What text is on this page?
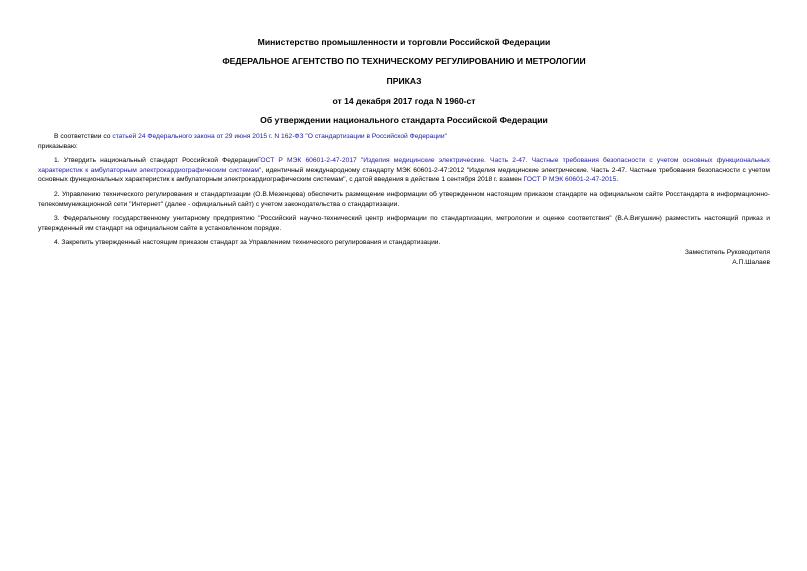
Министерство промышленности и торговли Российской Федерации
ФЕДЕРАЛЬНОЕ АГЕНТСТВО ПО ТЕХНИЧЕСКОМУ РЕГУЛИРОВАНИЮ И МЕТРОЛОГИИ
ПРИКАЗ
от 14 декабря 2017 года N 1960-ст
Об утверждении национального стандарта Российской Федерации

В соответствии со статьей 24 Федерального закона от 29 июня 2015 г. N 162-ФЗ "О стандартизации в Российской Федерации"

приказываю:

1. Утвердить национальный стандарт Российской ФедерацииГОСТ Р МЭК 60601-2-47-2017 "Изделия медицинские электрические. Часть 2-47. Частные требования безопасности с учетом основных функциональных характеристик к амбулаторным электрокардиографическим системам", идентичный международному стандарту МЭК 60601-2-47:2012 "Изделия медицинские электрические. Часть 2-47. Частные требования безопасности с учетом основных функциональных характеристик к амбулаторным электрокардиографическим системам", с датой введения в действие 1 сентября 2018 г. взамен ГОСТ Р МЭК 60601-2-47-2015.

2. Управлению технического регулирования и стандартизации (О.В.Мезенцева) обеспечить размещение информации об утвержденном настоящим приказом стандарте на официальном сайте Росстандарта в информационно-телекоммуникационной сети "Интернет" (далее - официальный сайт) с учетом законодательства о стандартизации.

3. Федеральному государственному унитарному предприятию "Российский научно-технический центр информации по стандартизации, метрологии и оценке соответствия" (В.А.Вигушкин) разместить настоящий приказ и утвержденный им стандарт на официальном сайте в установленном порядке.

4. Закрепить утвержденный настоящим приказом стандарт за Управлением технического регулирования и стандартизации.

Заместитель Руководителя
А.П.Шалаев
